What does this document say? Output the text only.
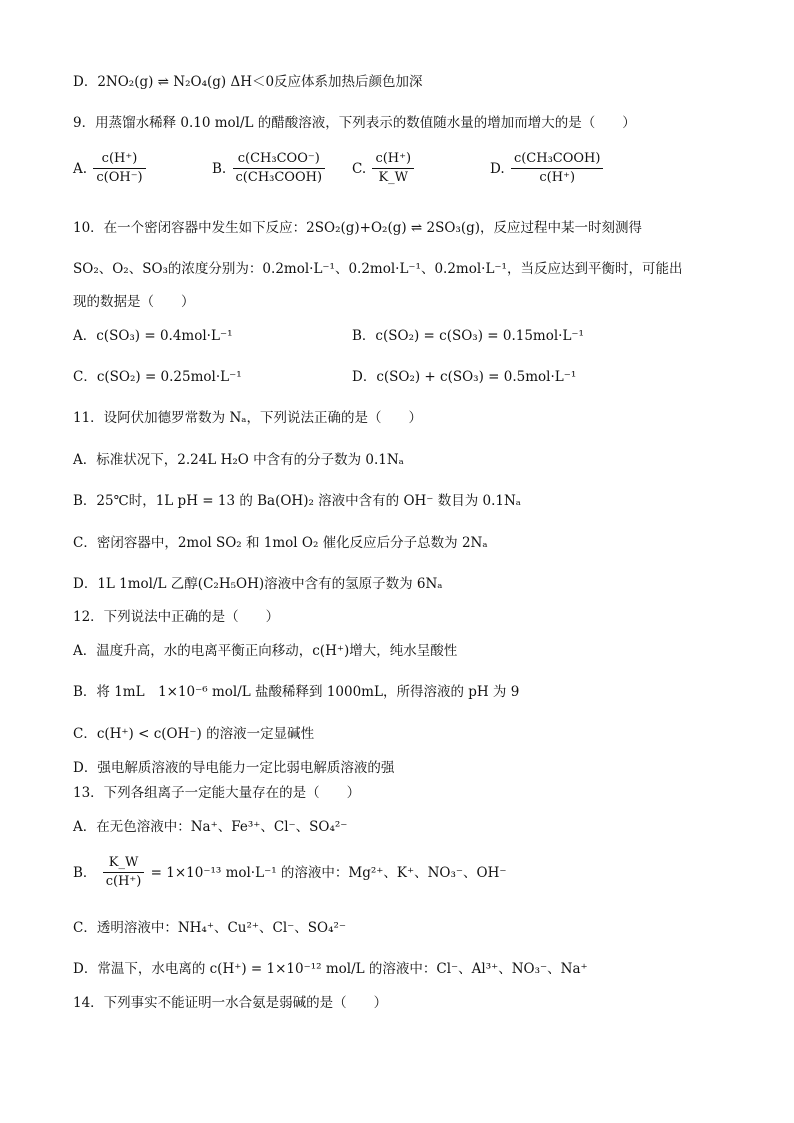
D．2NO₂(g) ⇌ N₂O₄(g) ΔH＜0反应体系加热后颜色加深
9．用蒸馏水稀释 0.10 mol/L 的醋酸溶液，下列表示的数值随水量的增加而增大的是（　　）
A. $\frac{c(H^+)}{c(OH^-)}$	B. $\frac{\text{c(CH₃COO⁻)}}{\text{c(CH₃COOH)}} C$. $\frac{c(H^+)}{K\_W}$	D. $\frac{\text{c(CH₃COOH)}}{c(H^+)}$
10．在一个密闭容器中发生如下反应：2SO₂(g)+O₂(g) ⇌ 2SO₃(g)，反应过程中某一时刻测得
SO₂、O₂、SO₃的浓度分别为：0.2mol·L⁻¹、0.2mol·L⁻¹、0.2mol·L⁻¹，当反应达到平衡时，可能出
现的数据是（　　）
A．c(SO₃) = 0.4mol·L⁻¹	B．c(SO₂) = c(SO₃) = 0.15mol·L⁻¹
C．c(SO₂) = 0.25mol·L⁻¹	D．c(SO₂) + c(SO₃) = 0.5mol·L⁻¹
11．设阿伏加德罗常数为 Nₐ，下列说法正确的是（　　）
A．标准状况下，2.24L H₂O 中含有的分子数为 0.1Nₐ
B．25℃时，1L pH = 13 的 Ba(OH)₂ 溶液中含有的 OH⁻ 数目为 0.1Nₐ
C．密闭容器中，2mol SO₂ 和 1mol O₂ 催化反应后分子总数为 2Nₐ
D．1L 1mol/L 乙醇(C₂H₅OH)溶液中含有的氢原子数为 6Nₐ
12．下列说法中正确的是（　　）
A．温度升高，水的电离平衡正向移动，c(H⁺)增大，纯水呈酸性
B．将 1mL　1×10⁻⁶ mol/L 盐酸稀释到 1000mL，所得溶液的 pH 为 9
C．c(H⁺) < c(OH⁻) 的溶液一定显碱性
D．强电解质溶液的导电能力一定比弱电解质溶液的强
13．下列各组离子一定能大量存在的是（　　）
A．在无色溶液中：Na⁺、Fe³⁺、Cl⁻、SO₄²⁻
B． $\frac{K\_W}{c(H^+)} = 1\times 10^{-13}$ mol·L⁻¹ 的溶液中：Mg²⁺、K⁺、NO₃⁻、OH⁻
C．透明溶液中：NH₄⁺、Cu²⁺、Cl⁻、SO₄²⁻
D．常温下，水电离的 c(H⁺) = 1×10⁻¹² mol/L 的溶液中：Cl⁻、Al³⁺、NO₃⁻、Na⁺
14．下列事实不能证明一水合氨是弱碱的是（　　）
